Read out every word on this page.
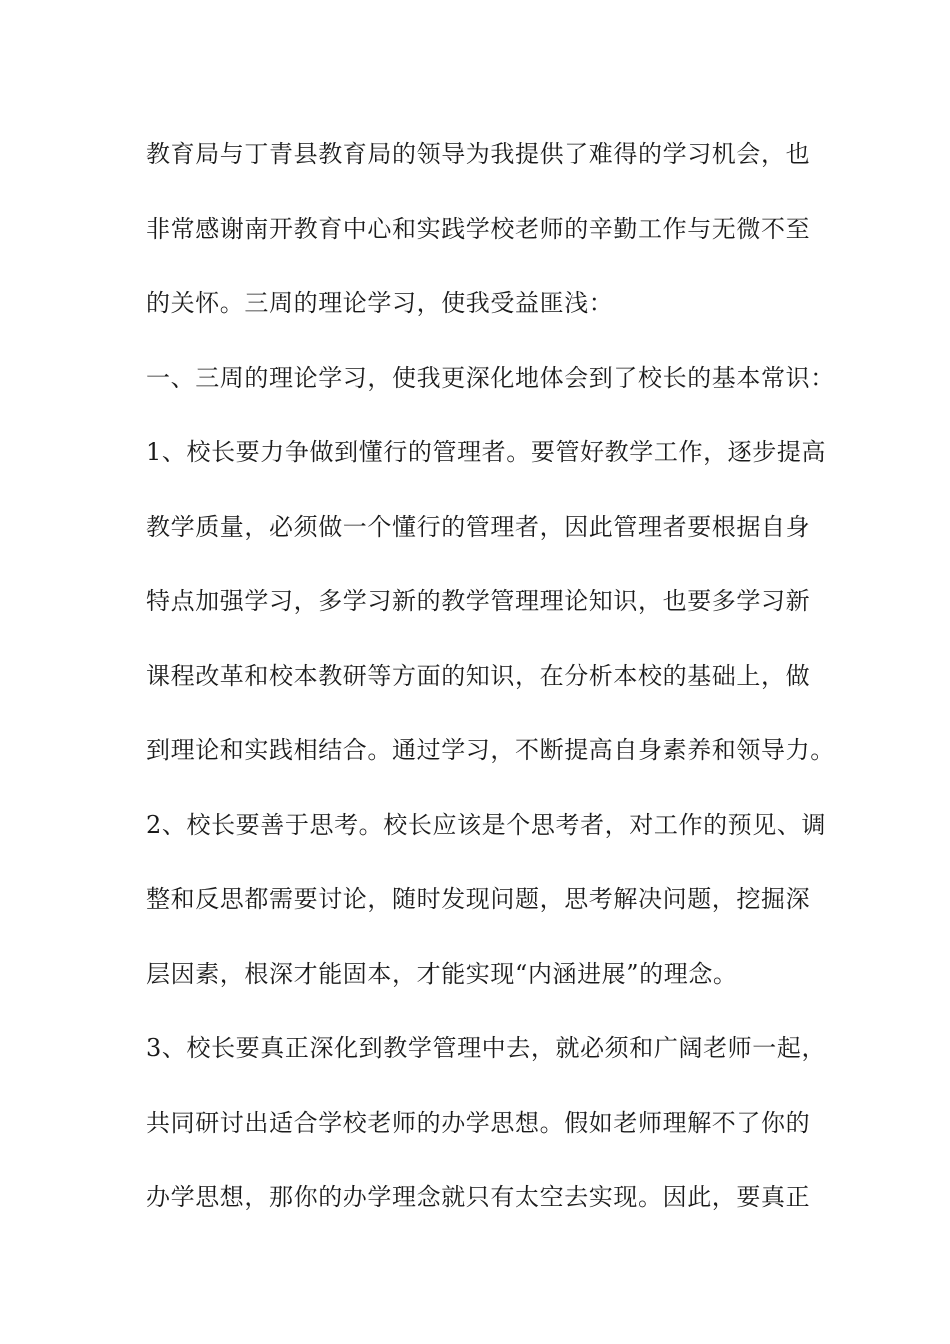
教育局与丁青县教育局的领导为我提供了难得的学习机会，也
非常感谢南开教育中心和实践学校老师的辛勤工作与无微不至
的关怀。三周的理论学习，使我受益匪浅：
一、三周的理论学习，使我更深化地体会到了校长的基本常识：
1、校长要力争做到懂行的管理者。要管好教学工作，逐步提高
教学质量，必须做一个懂行的管理者，因此管理者要根据自身
特点加强学习，多学习新的教学管理理论知识，也要多学习新
课程改革和校本教研等方面的知识，在分析本校的基础上，做
到理论和实践相结合。通过学习，不断提高自身素养和领导力。
2、校长要善于思考。校长应该是个思考者，对工作的预见、调
整和反思都需要讨论，随时发现问题，思考解决问题，挖掘深
层因素，根深才能固本，才能实现“内涵进展”的理念。
3、校长要真正深化到教学管理中去，就必须和广阔老师一起，
共同研讨出适合学校老师的办学思想。假如老师理解不了你的
办学思想，那你的办学理念就只有太空去实现。因此，要真正
